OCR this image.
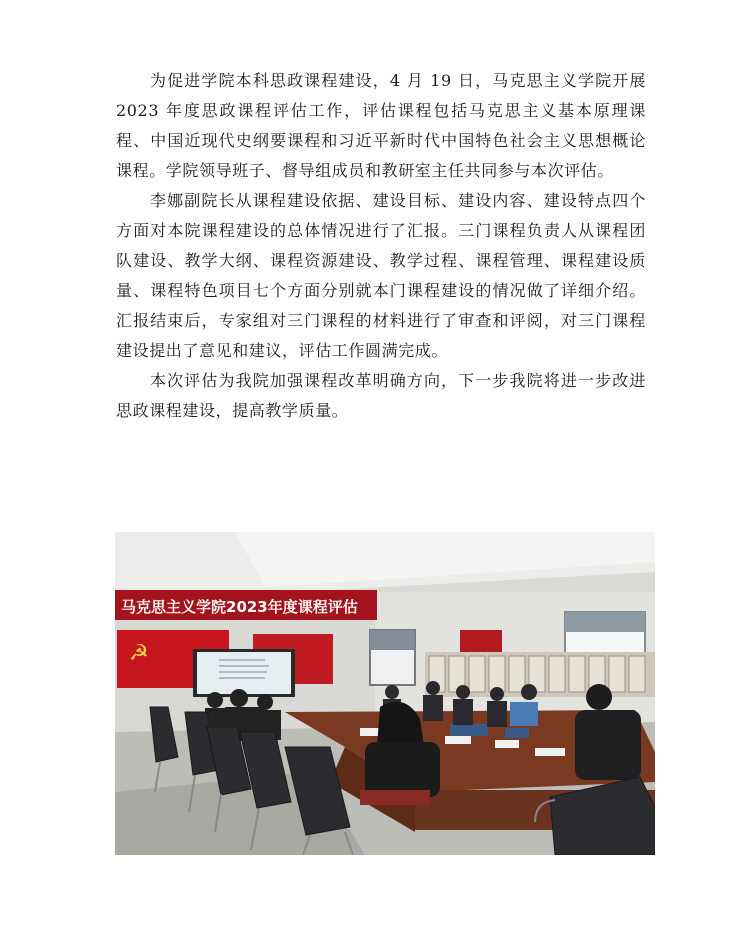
为促进学院本科思政课程建设，4 月 19 日，马克思主义学院开展 2023 年度思政课程评估工作，评估课程包括马克思主义基本原理课程、中国近现代史纲要课程和习近平新时代中国特色社会主义思想概论课程。学院领导班子、督导组成员和教研室主任共同参与本次评估。

李娜副院长从课程建设依据、建设目标、建设内容、建设特点四个方面对本院课程建设的总体情况进行了汇报。三门课程负责人从课程团队建设、教学大纲、课程资源建设、教学过程、课程管理、课程建设质量、课程特色项目七个方面分别就本门课程建设的情况做了详细介绍。汇报结束后，专家组对三门课程的材料进行了审查和评阅，对三门课程建设提出了意见和建议，评估工作圆满完成。

本次评估为我院加强课程改革明确方向，下一步我院将进一步改进思政课程建设，提高教学质量。

马克思主义学院2023年度课程评估
☭
